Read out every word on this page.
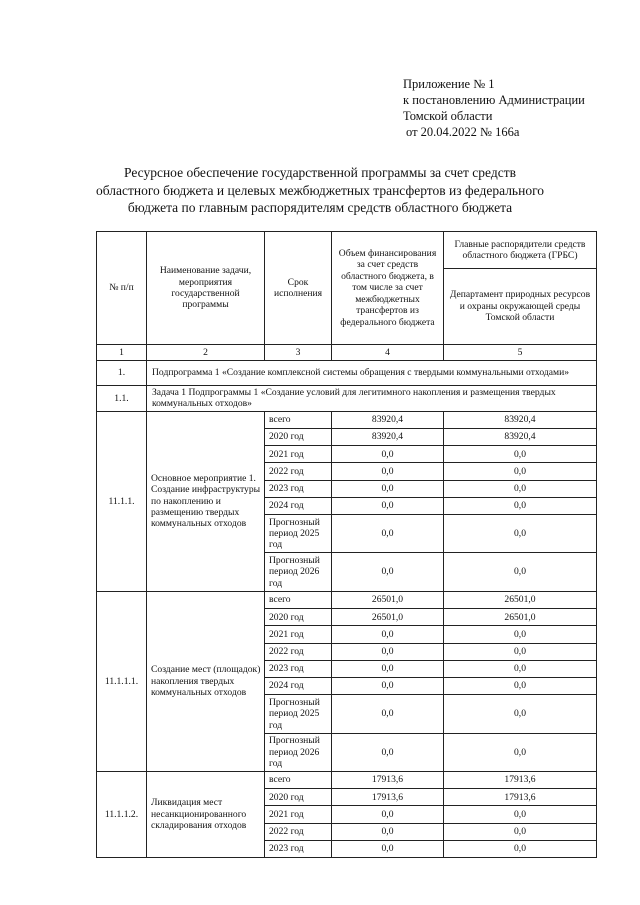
Приложение № 1
к постановлению Администрации
Томской области
от 20.04.2022 № 166а
Ресурсное обеспечение государственной программы за счет средств
областного бюджета и целевых межбюджетных трансфертов из федерального
бюджета по главным распорядителям средств областного бюджета
№ п/п	Наименование задачи, мероприятия государственной программы	Срок исполнения	Объем финансирования за счет средств областного бюджета, в том числе за счет межбюджетных трансфертов из федерального бюджета	Главные распорядители средств областного бюджета (ГРБС)
				Департамент природных ресурсов и охраны окружающей среды Томской области
1	2	3	4	5
1.	Подпрограмма 1 «Создание комплексной системы обращения с твердыми коммунальными отходами»			
1.1.	Задача 1 Подпрограммы 1 «Создание условий для легитимного накопления и размещения твердых коммунальных отходов»			
11.1.1.	Основное мероприятие 1. Создание инфраструктуры по накоплению и размещению твердых коммунальных отходов	всего	83920,4	83920,4
		2020 год	83920,4	83920,4
		2021 год	0,0	0,0
		2022 год	0,0	0,0
		2023 год	0,0	0,0
		2024 год	0,0	0,0
		Прогнозный период 2025 год	0,0	0,0
		Прогнозный период 2026 год	0,0	0,0
11.1.1.1.	Создание мест (площадок) накопления твердых коммунальных отходов	всего	26501,0	26501,0
		2020 год	26501,0	26501,0
		2021 год	0,0	0,0
		2022 год	0,0	0,0
		2023 год	0,0	0,0
		2024 год	0,0	0,0
		Прогнозный период 2025 год	0,0	0,0
		Прогнозный период 2026 год	0,0	0,0
11.1.1.2.	Ликвидация мест несанкционированного складирования отходов	всего	17913,6	17913,6
		2020 год	17913,6	17913,6
		2021 год	0,0	0,0
		2022 год	0,0	0,0
		2023 год	0,0	0,0
